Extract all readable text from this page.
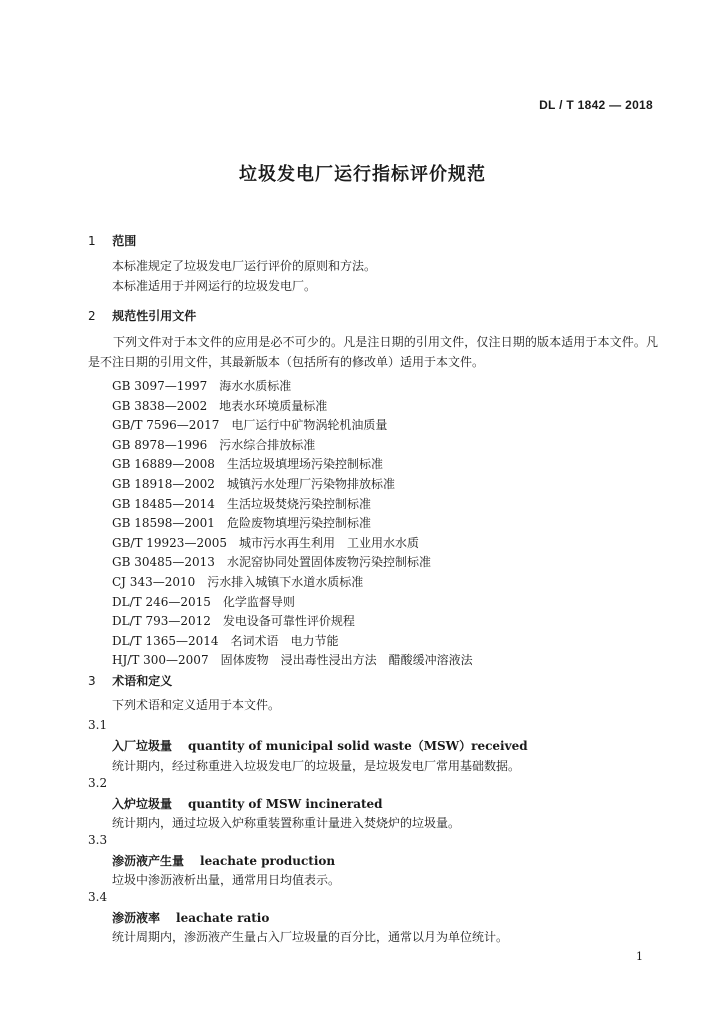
DL / T 1842 — 2018
垃圾发电厂运行指标评价规范
1 范围
本标准规定了垃圾发电厂运行评价的原则和方法。
本标准适用于并网运行的垃圾发电厂。
2 规范性引用文件
下列文件对于本文件的应用是必不可少的。凡是注日期的引用文件，仅注日期的版本适用于本文件。凡是不注日期的引用文件，其最新版本（包括所有的修改单）适用于本文件。
GB 3097—1997 海水水质标准
GB 3838—2002 地表水环境质量标准
GB/T 7596—2017 电厂运行中矿物涡轮机油质量
GB 8978—1996 污水综合排放标准
GB 16889—2008 生活垃圾填埋场污染控制标准
GB 18918—2002 城镇污水处理厂污染物排放标准
GB 18485—2014 生活垃圾焚烧污染控制标准
GB 18598—2001 危险废物填埋污染控制标准
GB/T 19923—2005 城市污水再生利用　工业用水水质
GB 30485—2013 水泥窑协同处置固体废物污染控制标准
CJ 343—2010 污水排入城镇下水道水质标准
DL/T 246—2015 化学监督导则
DL/T 793—2012 发电设备可靠性评价规程
DL/T 1365—2014 名词术语　电力节能
HJ/T 300—2007 固体废物　浸出毒性浸出方法　醋酸缓冲溶液法
3 术语和定义
下列术语和定义适用于本文件。
3.1
入厂垃圾量 quantity of municipal solid waste（MSW）received
统计期内，经过称重进入垃圾发电厂的垃圾量，是垃圾发电厂常用基础数据。
3.2
入炉垃圾量 quantity of MSW incinerated
统计期内，通过垃圾入炉称重装置称重计量进入焚烧炉的垃圾量。
3.3
渗沥液产生量 leachate production
垃圾中渗沥液析出量，通常用日均值表示。
3.4
渗沥液率 leachate ratio
统计周期内，渗沥液产生量占入厂垃圾量的百分比，通常以月为单位统计。
1
